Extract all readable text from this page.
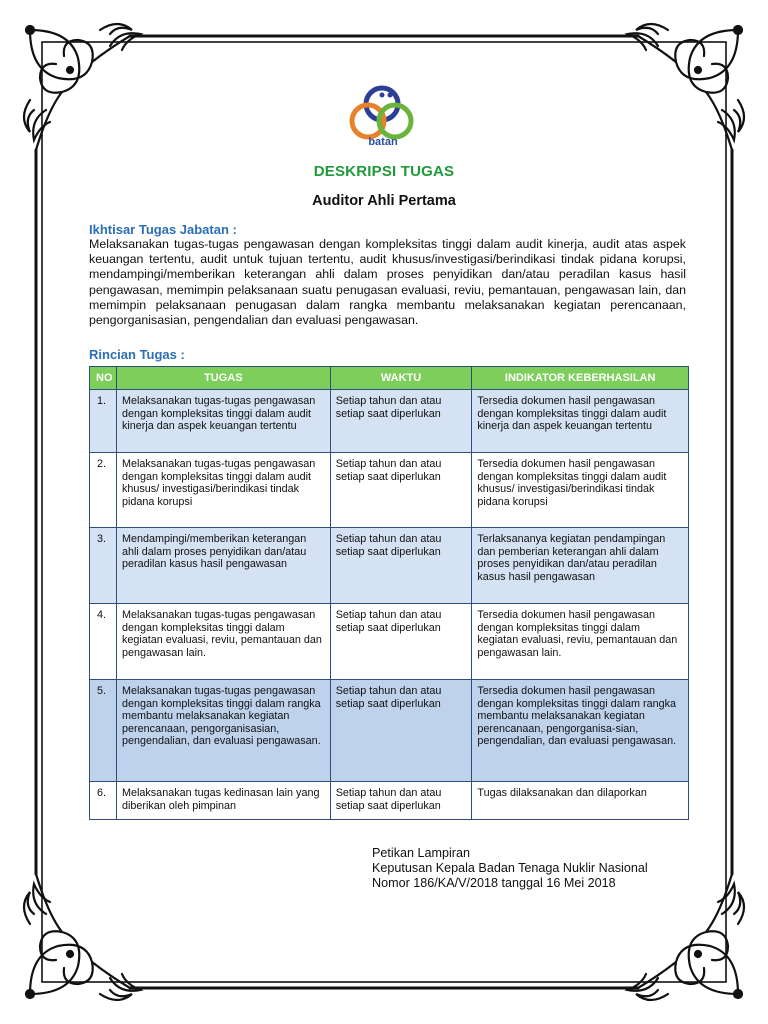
batan
DESKRIPSI TUGAS
Auditor Ahli Pertama
Ikhtisar Tugas Jabatan :
Melaksanakan tugas-tugas pengawasan dengan kompleksitas tinggi dalam audit kinerja, audit atas aspek keuangan tertentu, audit untuk tujuan tertentu, audit khusus/investigasi/berindikasi tindak pidana korupsi, mendampingi/memberikan keterangan ahli dalam proses penyidikan dan/atau peradilan kasus hasil pengawasan, memimpin pelaksanaan suatu penugasan evaluasi, reviu, pemantauan, pengawasan lain, dan memimpin pelaksanaan penugasan dalam rangka membantu melaksanakan kegiatan perencanaan, pengorganisasian, pengendalian dan evaluasi pengawasan.
Rincian Tugas :
NO	TUGAS	WAKTU	INDIKATOR KEBERHASILAN
1.	Melaksanakan tugas-tugas pengawasan dengan kompleksitas tinggi dalam audit kinerja dan aspek keuangan tertentu	Setiap tahun dan atau setiap saat diperlukan	Tersedia dokumen hasil pengawasan dengan kompleksitas tinggi dalam audit kinerja dan aspek keuangan tertentu
2.	Melaksanakan tugas-tugas pengawasan dengan kompleksitas tinggi dalam audit khusus/ investigasi/berindikasi tindak pidana korupsi	Setiap tahun dan atau setiap saat diperlukan	Tersedia dokumen hasil pengawasan dengan kompleksitas tinggi dalam audit khusus/ investigasi/berindikasi tindak pidana korupsi
3.	Mendampingi/memberikan keterangan ahli dalam proses penyidikan dan/atau peradilan kasus hasil pengawasan	Setiap tahun dan atau setiap saat diperlukan	Terlaksananya kegiatan pendampingan dan pemberian keterangan ahli dalam proses penyidikan dan/atau peradilan kasus hasil pengawasan
4.	Melaksanakan tugas-tugas pengawasan dengan kompleksitas tinggi dalam kegiatan evaluasi, reviu, pemantauan dan pengawasan lain.	Setiap tahun dan atau setiap saat diperlukan	Tersedia dokumen hasil pengawasan dengan kompleksitas tinggi dalam kegiatan evaluasi, reviu, pemantauan dan pengawasan lain.
5.	Melaksanakan tugas-tugas pengawasan dengan kompleksitas tinggi dalam rangka membantu melaksanakan kegiatan perencanaan, pengorganisasian, pengendalian, dan evaluasi pengawasan.	Setiap tahun dan atau setiap saat diperlukan	Tersedia dokumen hasil pengawasan dengan kompleksitas tinggi dalam rangka membantu melaksanakan kegiatan perencanaan, pengorganisa-sian, pengendalian, dan evaluasi pengawasan.
6.	Melaksanakan tugas kedinasan lain yang diberikan oleh pimpinan	Setiap tahun dan atau setiap saat diperlukan	Tugas dilaksanakan dan dilaporkan
Petikan Lampiran
Keputusan Kepala Badan Tenaga Nuklir Nasional
Nomor 186/KA/V/2018 tanggal 16 Mei 2018
